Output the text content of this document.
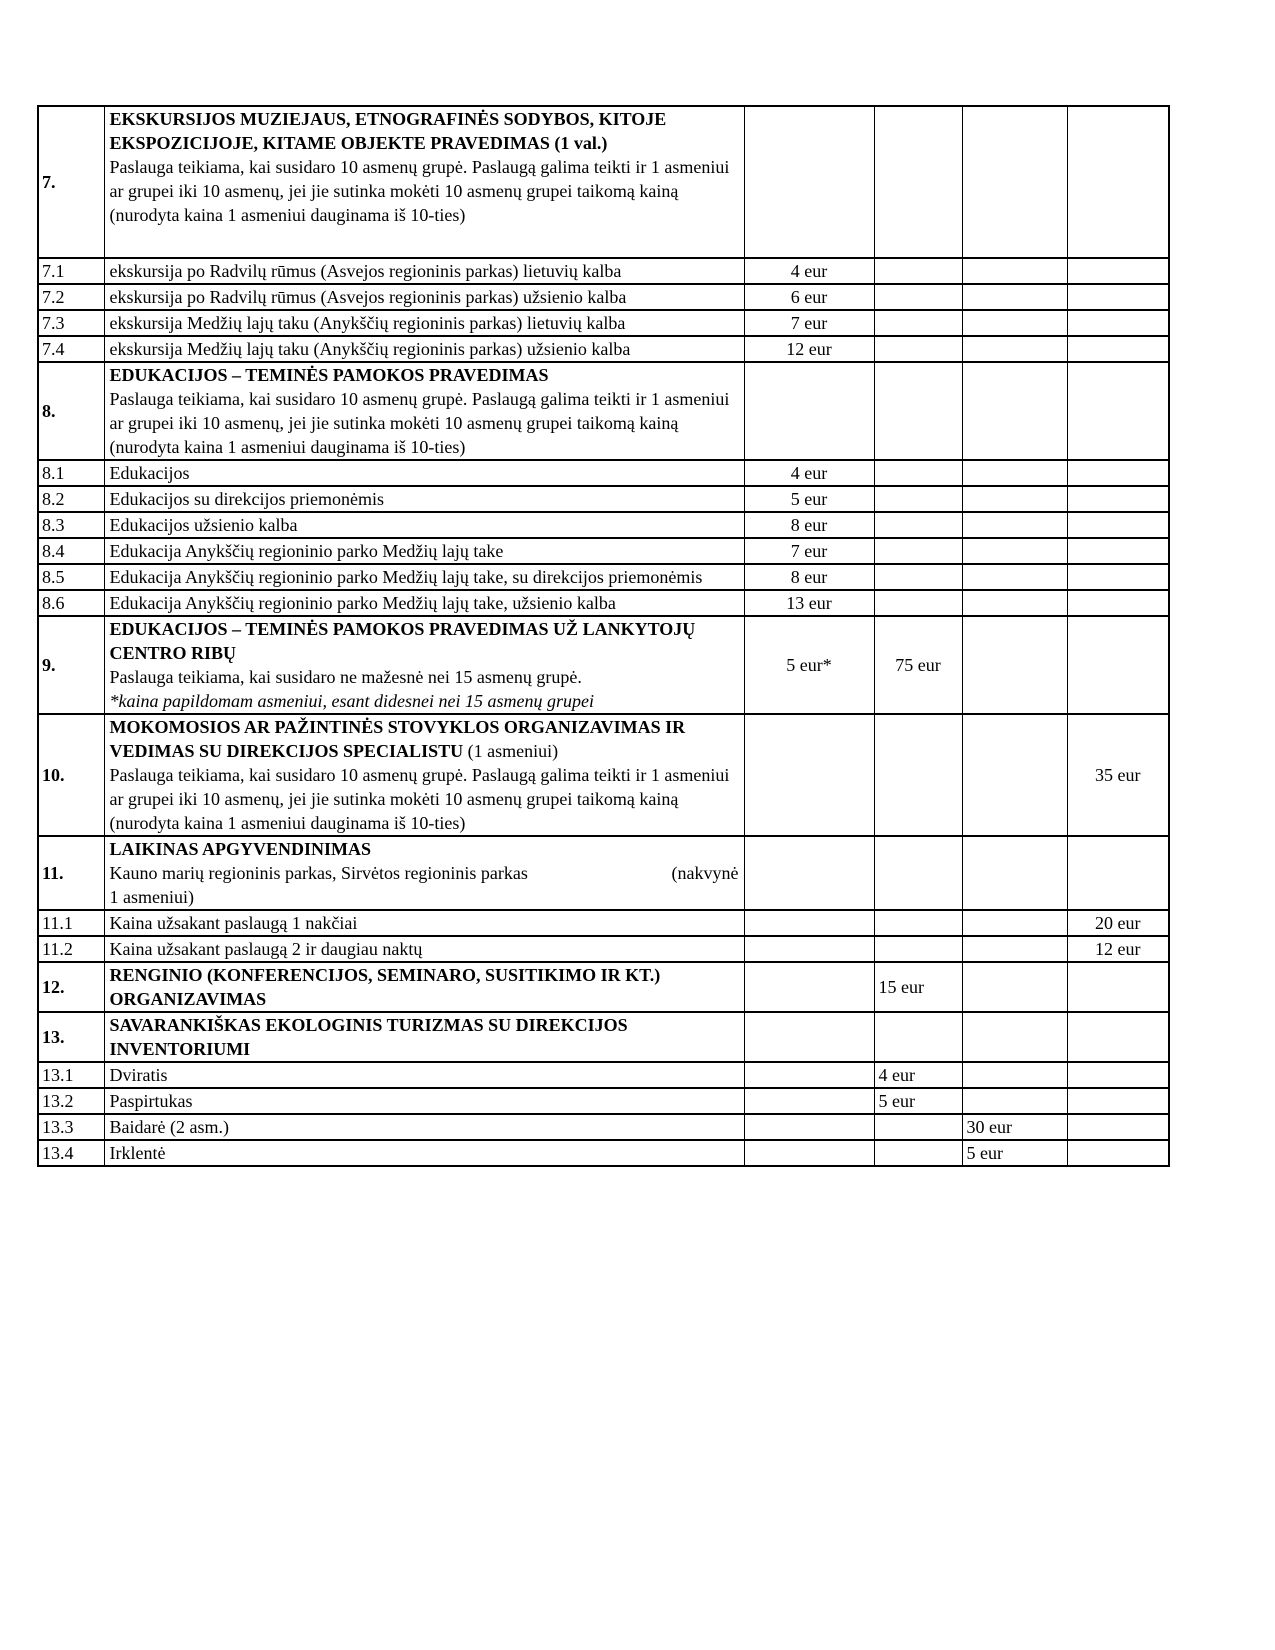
7.	EKSKURSIJOS MUZIEJAUS, ETNOGRAFINĖS SODYBOS, KITOJE EKSPOZICIJOJE, KITAME OBJEKTE PRAVEDIMAS (1 val.)
Paslauga teikiama, kai susidaro 10 asmenų grupė. Paslaugą galima teikti ir 1 asmeniui ar grupei iki 10 asmenų, jei jie sutinka mokėti 10 asmenų grupei taikomą kainą (nurodyta kaina 1 asmeniui dauginama iš 10-ties)				

7.1	ekskursija po Radvilų rūmus (Asvejos regioninis parkas) lietuvių kalba	4 eur			
7.2	ekskursija po Radvilų rūmus (Asvejos regioninis parkas) užsienio kalba	6 eur			
7.3	ekskursija Medžių lajų taku (Anykščių regioninis parkas) lietuvių kalba	7 eur			
7.4	ekskursija Medžių lajų taku (Anykščių regioninis parkas) užsienio kalba	12 eur			
8.	EDUKACIJOS – TEMINĖS PAMOKOS PRAVEDIMAS
Paslauga teikiama, kai susidaro 10 asmenų grupė. Paslaugą galima teikti ir 1 asmeniui ar grupei iki 10 asmenų, jei jie sutinka mokėti 10 asmenų grupei taikomą kainą (nurodyta kaina 1 asmeniui dauginama iš 10-ties)				

8.1	Edukacijos	4 eur			
8.2	Edukacijos su direkcijos priemonėmis	5 eur			
8.3	Edukacijos užsienio kalba	8 eur			
8.4	Edukacija Anykščių regioninio parko Medžių lajų take	7 eur			
8.5	Edukacija Anykščių regioninio parko Medžių lajų take, su direkcijos priemonėmis	8 eur			
8.6	Edukacija Anykščių regioninio parko Medžių lajų take, užsienio kalba	13 eur			
9.	EDUKACIJOS – TEMINĖS PAMOKOS PRAVEDIMAS UŽ LANKYTOJŲ CENTRO RIBŲ
Paslauga teikiama, kai susidaro ne mažesnė nei 15 asmenų grupė.
*kaina papildomam asmeniui, esant didesnei nei 15 asmenų grupei	5 eur*	75 eur		
10.	MOKOMOSIOS AR PAŽINTINĖS STOVYKLOS ORGANIZAVIMAS IR VEDIMAS SU DIREKCIJOS SPECIALISTU (1 asmeniui)
Paslauga teikiama, kai susidaro 10 asmenų grupė. Paslaugą galima teikti ir 1 asmeniui ar grupei iki 10 asmenų, jei jie sutinka mokėti 10 asmenų grupei taikomą kainą (nurodyta kaina 1 asmeniui dauginama iš 10-ties)				35 eur
11.	LAIKINAS APGYVENDINIMAS
Kauno marių regioninis parkas, Sirvėtos regioninis parkas (nakvynė
1 asmeniui)				

11.1	Kaina užsakant paslaugą 1 nakčiai				20 eur
11.2	Kaina užsakant paslaugą 2 ir daugiau naktų				12 eur
12.	RENGINIO (KONFERENCIJOS, SEMINARO, SUSITIKIMO IR KT.) ORGANIZAVIMAS		15 eur		
13.	SAVARANKIŠKAS EKOLOGINIS TURIZMAS SU DIREKCIJOS INVENTORIUMI				

13.1	Dviratis		4 eur		
13.2	Paspirtukas		5 eur		
13.3	Baidarė (2 asm.)			30 eur	
13.4	Irklentė			5 eur	
